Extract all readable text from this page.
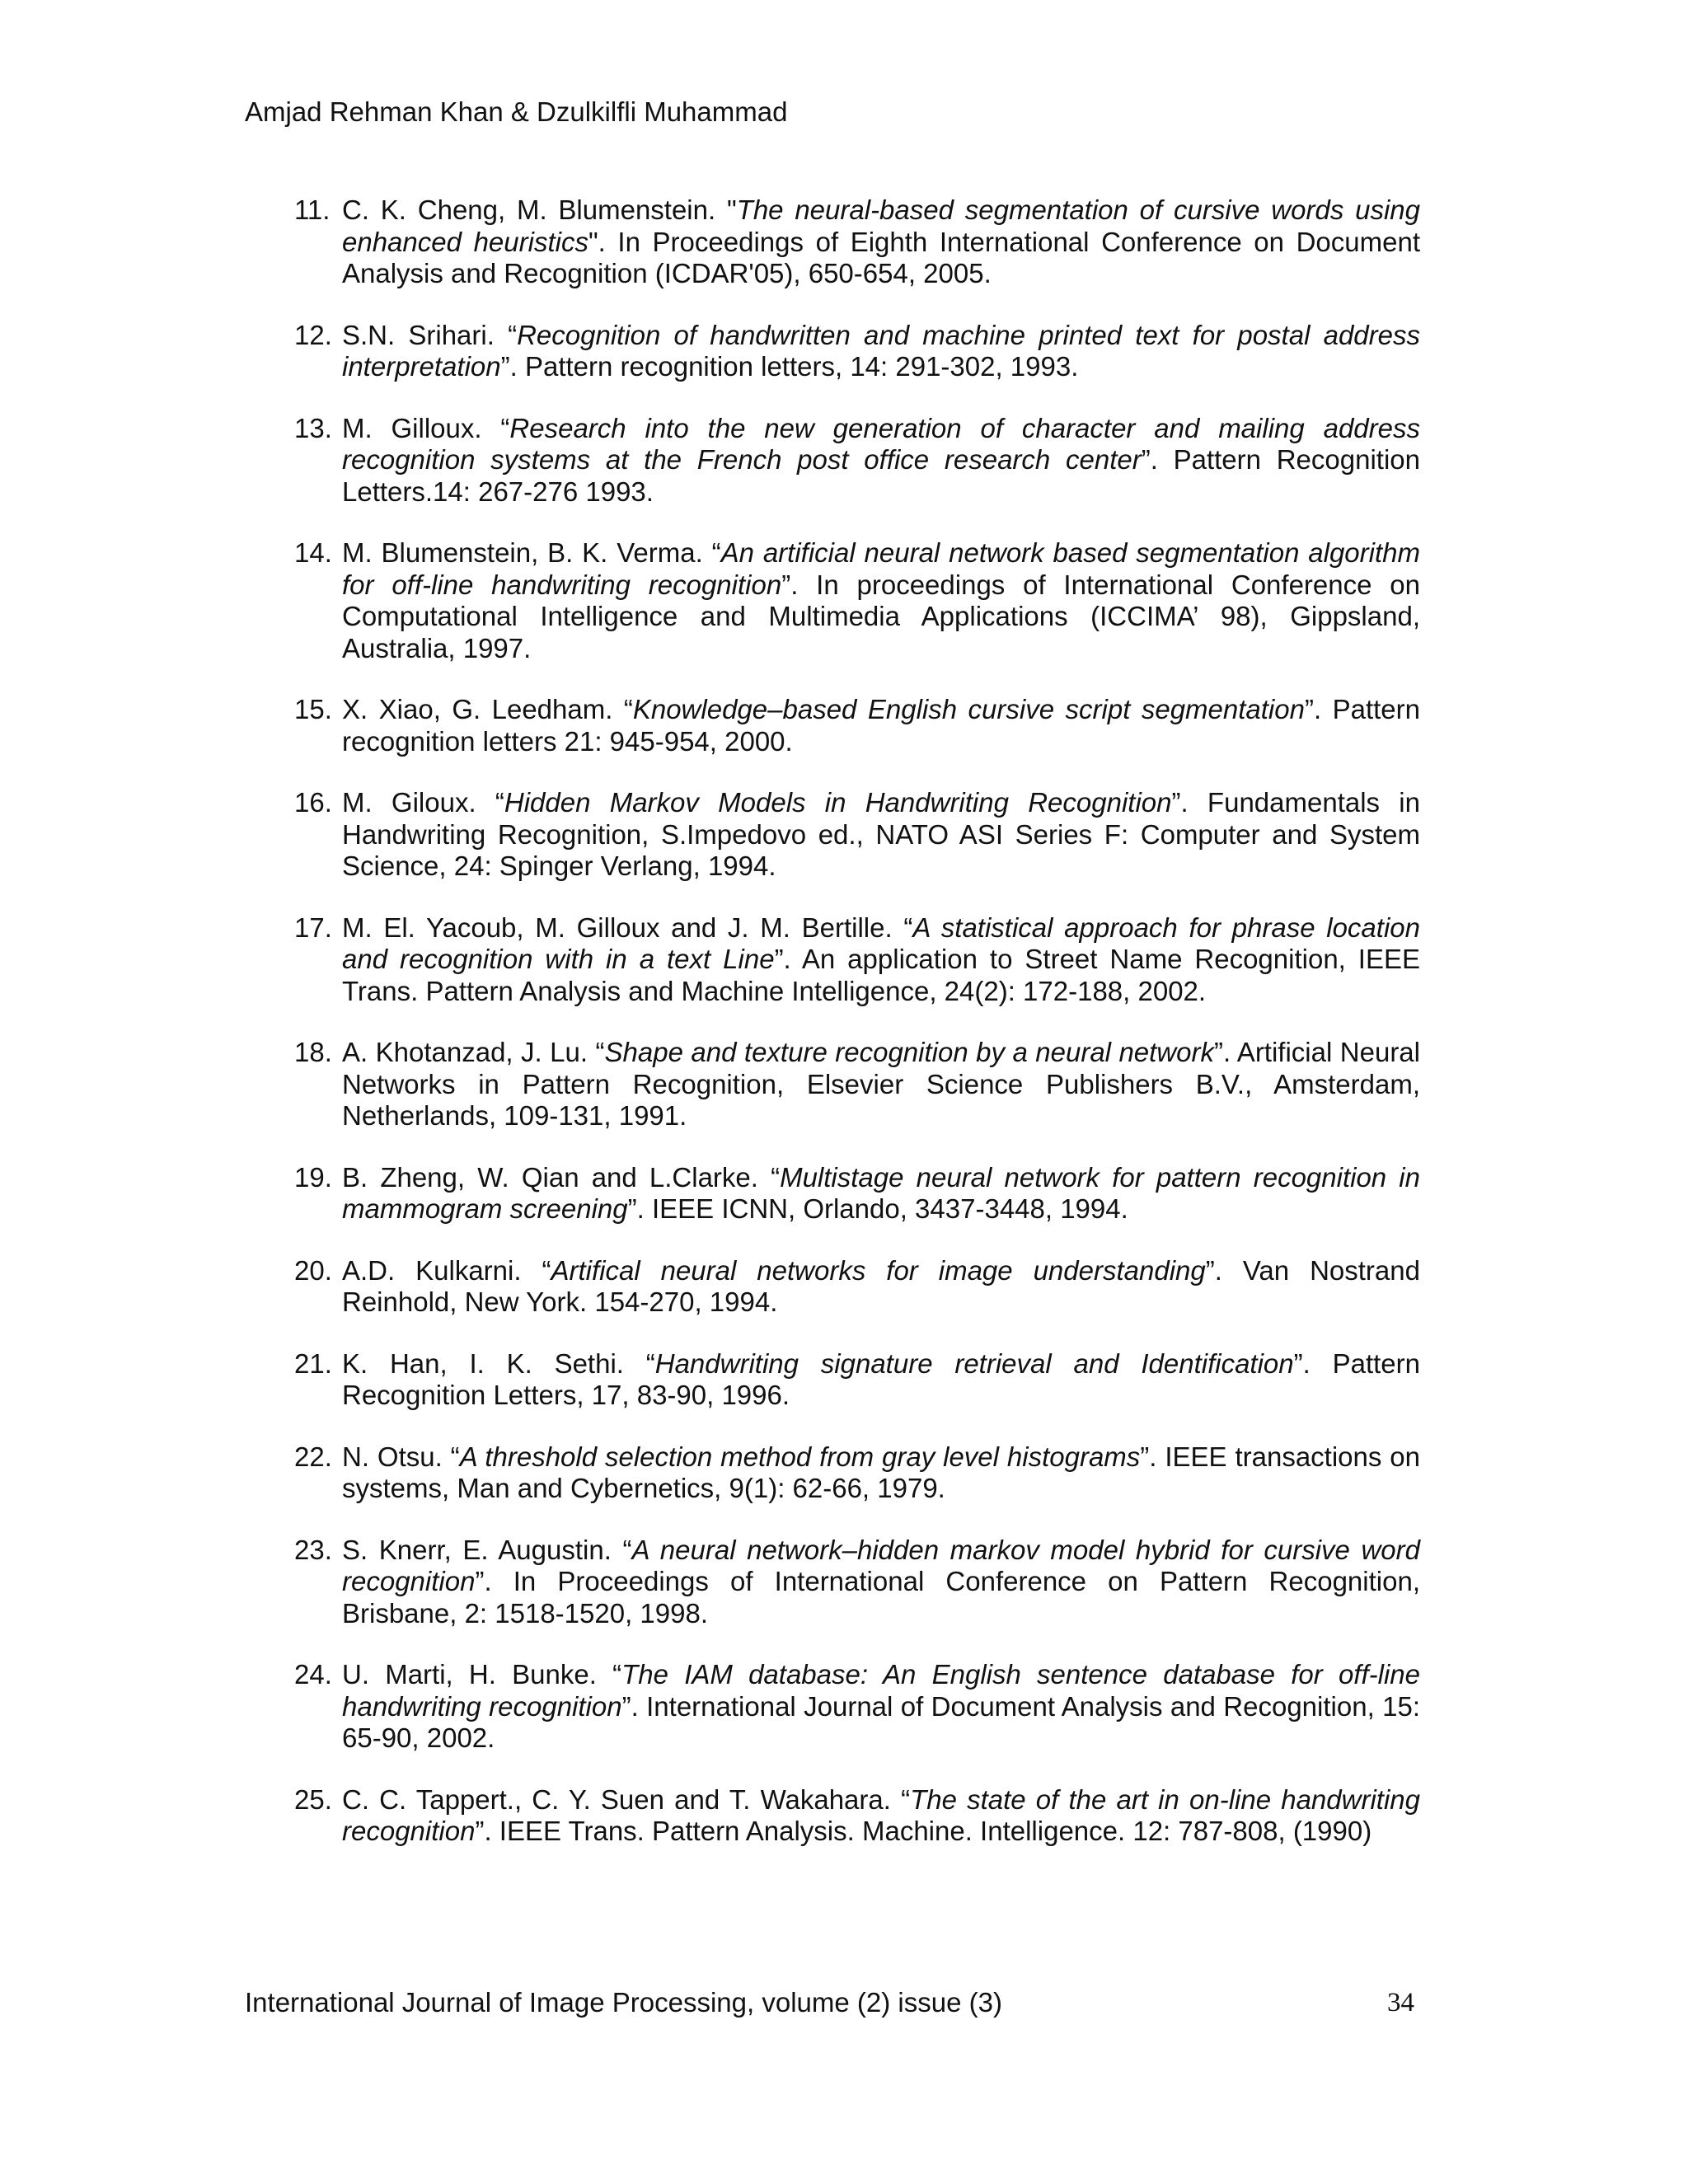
Amjad Rehman Khan & Dzulkilfli Muhammad

11. C. K. Cheng, M. Blumenstein. "The neural-based segmentation of cursive words using enhanced heuristics". In Proceedings of Eighth International Conference on Document Analysis and Recognition (ICDAR'05), 650-654, 2005.
12. S.N. Srihari. “Recognition of handwritten and machine printed text for postal address interpretation”. Pattern recognition letters, 14: 291-302, 1993.
13. M. Gilloux. “Research into the new generation of character and mailing address recognition systems at the French post office research center”. Pattern Recognition Letters.14: 267-276 1993.
14. M. Blumenstein, B. K. Verma. “An artificial neural network based segmentation algorithm for off-line handwriting recognition”. In proceedings of International Conference on Computational Intelligence and Multimedia Applications (ICCIMA’ 98), Gippsland, Australia, 1997.
15. X. Xiao, G. Leedham. “Knowledge–based English cursive script segmentation”. Pattern recognition letters 21: 945-954, 2000.
16. M. Giloux. “Hidden Markov Models in Handwriting Recognition”. Fundamentals in Handwriting Recognition, S.Impedovo ed., NATO ASI Series F: Computer and System Science, 24: Spinger Verlang, 1994.
17. M. El. Yacoub, M. Gilloux and J. M. Bertille. “A statistical approach for phrase location and recognition with in a text Line”. An application to Street Name Recognition, IEEE Trans. Pattern Analysis and Machine Intelligence, 24(2): 172-188, 2002.
18. A. Khotanzad, J. Lu. “Shape and texture recognition by a neural network”. Artificial Neural Networks in Pattern Recognition, Elsevier Science Publishers B.V., Amsterdam, Netherlands, 109-131, 1991.
19. B. Zheng, W. Qian and L.Clarke. “Multistage neural network for pattern recognition in mammogram screening”. IEEE ICNN, Orlando, 3437-3448, 1994.
20. A.D. Kulkarni. “Artifical neural networks for image understanding”. Van Nostrand Reinhold, New York. 154-270, 1994.
21. K. Han, I. K. Sethi. “Handwriting signature retrieval and Identification”. Pattern Recognition Letters, 17, 83-90, 1996.
22. N. Otsu. “A threshold selection method from gray level histograms”. IEEE transactions on systems, Man and Cybernetics, 9(1): 62-66, 1979.
23. S. Knerr, E. Augustin. “A neural network–hidden markov model hybrid for cursive word recognition”. In Proceedings of International Conference on Pattern Recognition, Brisbane, 2: 1518-1520, 1998.
24. U. Marti, H. Bunke. “The IAM database: An English sentence database for off-line handwriting recognition”. International Journal of Document Analysis and Recognition, 15: 65-90, 2002.
25. C. C. Tappert., C. Y. Suen and T. Wakahara. “The state of the art in on-line handwriting recognition”. IEEE Trans. Pattern Analysis. Machine. Intelligence. 12: 787-808, (1990)

International Journal of Image Processing, volume (2) issue (3)	34
